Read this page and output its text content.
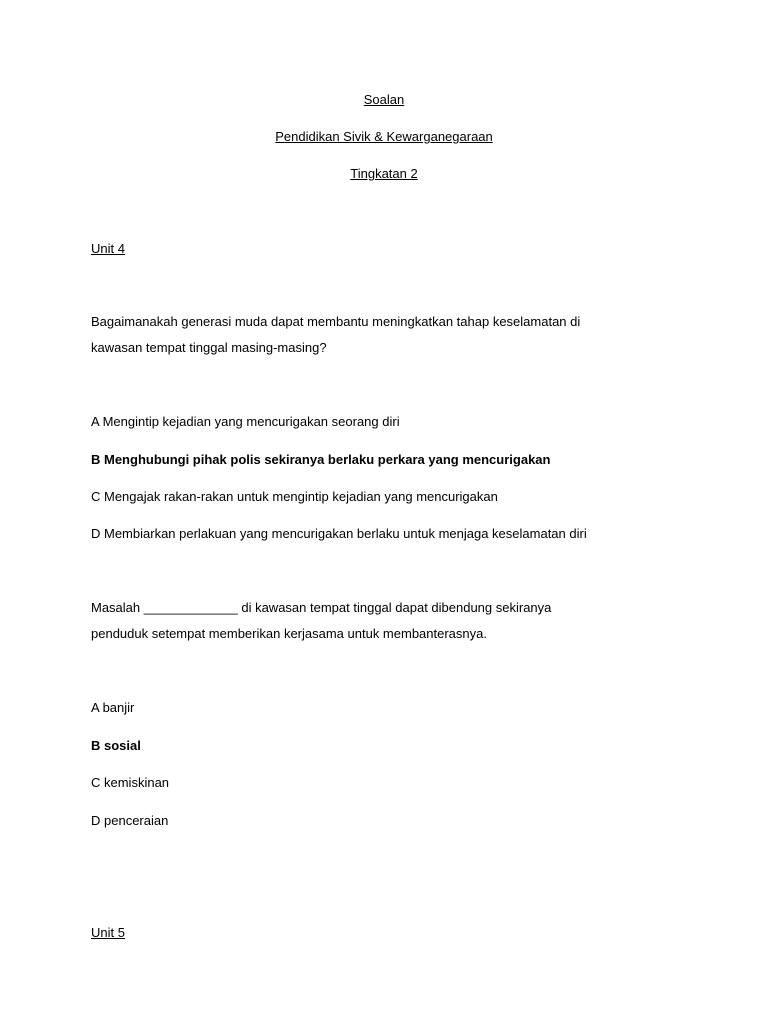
Soalan
Pendidikan Sivik & Kewarganegaraan
Tingkatan 2
Unit 4
Bagaimanakah generasi muda dapat membantu meningkatkan tahap keselamatan di
kawasan tempat tinggal masing-masing?
A Mengintip kejadian yang mencurigakan seorang diri
B Menghubungi pihak polis sekiranya berlaku perkara yang mencurigakan
C Mengajak rakan-rakan untuk mengintip kejadian yang mencurigakan
D Membiarkan perlakuan yang mencurigakan berlaku untuk menjaga keselamatan diri
Masalah _____________ di kawasan tempat tinggal dapat dibendung sekiranya
penduduk setempat memberikan kerjasama untuk membanterasnya.
A banjir
B sosial
C kemiskinan
D penceraian
Unit 5
